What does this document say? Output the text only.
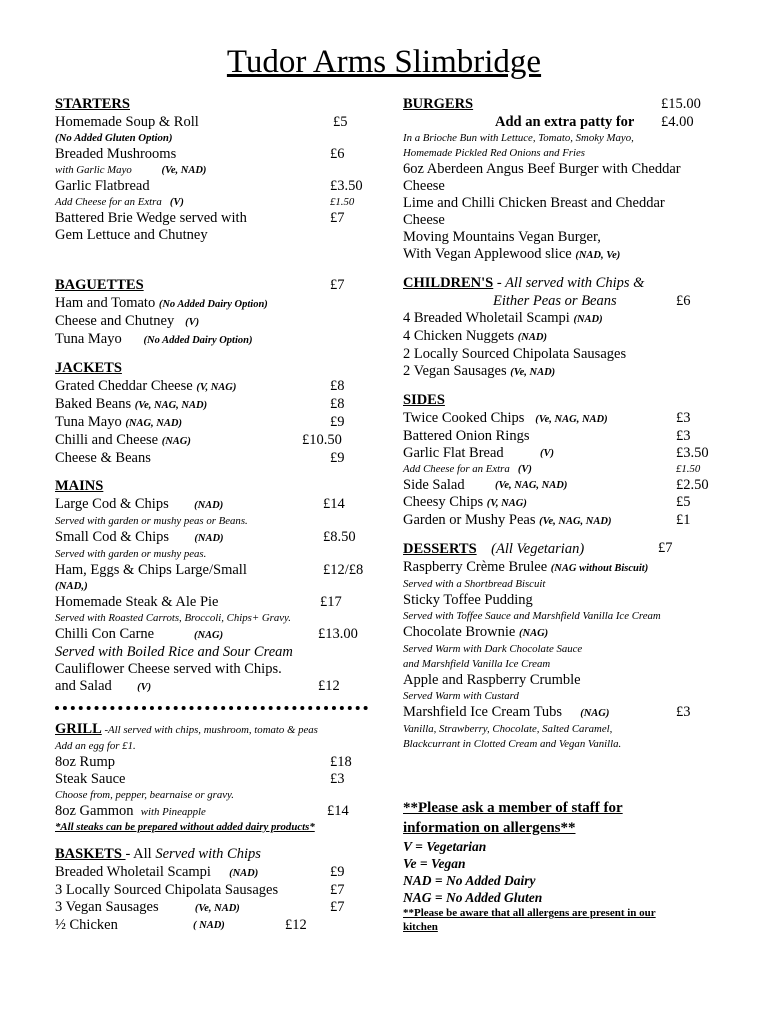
Tudor Arms Slimbridge
STARTERS
Homemade Soup & Roll	£5
(No Added Gluten Option)
Breaded Mushrooms	£6
with Garlic Mayo	(Ve, NAD)
Garlic Flatbread	£3.50
Add Cheese for an Extra (V)	£1.50
Battered Brie Wedge served with	£7
Gem Lettuce and Chutney
BAGUETTES	£7
Ham and Tomato (No Added Dairy Option)
Cheese and Chutney (V)
Tuna Mayo (No Added Dairy Option)
JACKETS
Grated Cheddar Cheese (V, NAG)	£8
Baked Beans (Ve, NAG, NAD)	£8
Tuna Mayo (NAG, NAD)	£9
Chilli and Cheese (NAG)	£10.50
Cheese & Beans	£9
MAINS
Large Cod & Chips (NAD)	£14
Served with garden or mushy peas or Beans.
Small Cod & Chips (NAD)	£8.50
Served with garden or mushy peas.
Ham, Eggs & Chips Large/Small	£12/£8
(NAD,)
Homemade Steak & Ale Pie	£17
Served with Roasted Carrots, Broccoli, Chips+ Gravy.
Chilli Con Carne	(NAG)	£13.00
Served with Boiled Rice and Sour Cream
Cauliflower Cheese served with Chips.
and Salad (V)	£12
GRILL -All served with chips, mushroom, tomato & peas
Add an egg for £1.
8oz Rump	£18
Steak Sauce	£3
Choose from, pepper, bearnaise or gravy.
8oz Gammon with Pineapple	£14
*All steaks can be prepared without added dairy products*
BASKETS - All Served with Chips
Breaded Wholetail Scampi (NAD)	£9
3 Locally Sourced Chipolata Sausages	£7
3 Vegan Sausages	(Ve, NAD)	£7
½ Chicken	( NAD)	£12
BURGERS	£15.00
Add an extra patty for £4.00

In a Brioche Bun with Lettuce, Tomato, Smoky Mayo,
Homemade Pickled Red Onions and Fries
6oz Aberdeen Angus Beef Burger with Cheddar
Cheese
Lime and Chilli Chicken Breast and Cheddar
Cheese
Moving Mountains Vegan Burger,
With Vegan Applewood slice (NAD, Ve)
CHILDREN'S - All served with Chips &
Either Peas or Beans	£6

4 Breaded Wholetail Scampi (NAD)
4 Chicken Nuggets (NAD)
2 Locally Sourced Chipolata Sausages
2 Vegan Sausages (Ve, NAD)
SIDES
Twice Cooked Chips (Ve, NAG, NAD)	£3
Battered Onion Rings	£3
Garlic Flat Bread	(V)	£3.50
Add Cheese for an Extra (V)	£1.50
Side Salad	(Ve, NAG, NAD)	£2.50
Cheesy Chips (V, NAG)	£5
Garden or Mushy Peas (Ve, NAG, NAD)	£1
DESSERTS (All Vegetarian)	£7
Raspberry Crème Brulee (NAG without Biscuit)
Served with a Shortbread Biscuit
Sticky Toffee Pudding
Served with Toffee Sauce and Marshfield Vanilla Ice Cream
Chocolate Brownie (NAG)
Served Warm with Dark Chocolate Sauce
and Marshfield Vanilla Ice Cream
Apple and Raspberry Crumble
Served Warm with Custard
Marshfield Ice Cream Tubs (NAG)	£3
Vanilla, Strawberry, Chocolate, Salted Caramel,
Blackcurrant in Clotted Cream and Vegan Vanilla.
**Please ask a member of staff for
information on allergens**
V = Vegetarian
Ve = Vegan
NAD = No Added Dairy
NAG = No Added Gluten
**Please be aware that all allergens are present in our
kitchen
